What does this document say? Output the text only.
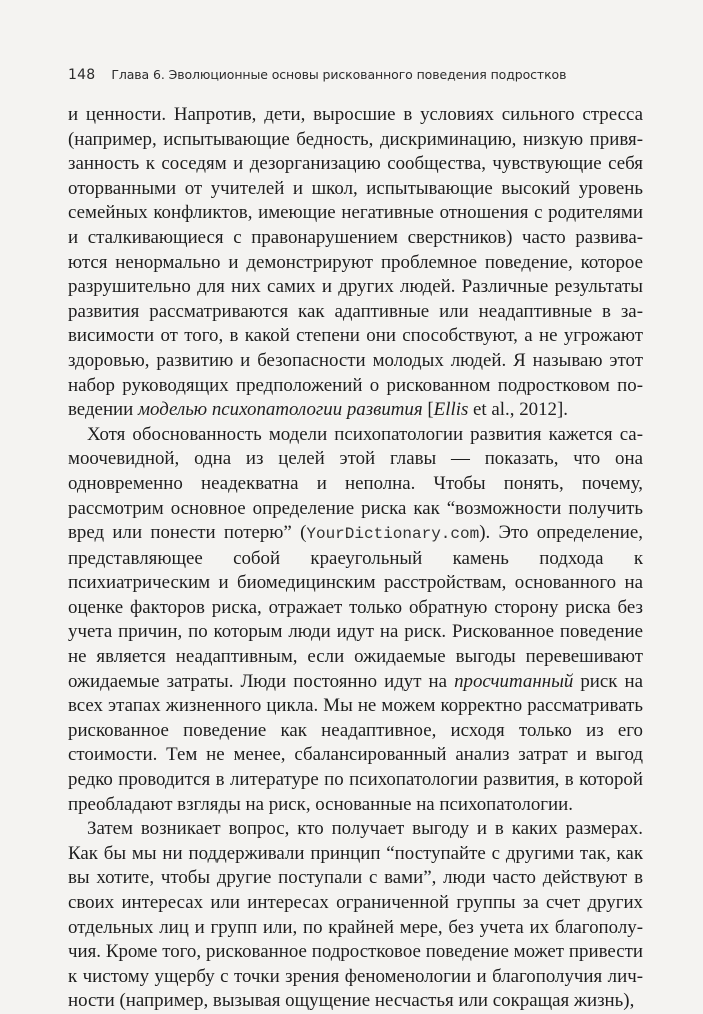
148 Глава 6. Эволюционные основы рискованного поведения подростков

и ценности. Напротив, дети, выросшие в условиях сильного стресса (например, испытывающие бедность, дискриминацию, низкую привязанность к соседям и дезорганизацию сообщества, чувствующие себя оторванными от учителей и школ, испытывающие высокий уровень семейных конфликтов, имеющие негативные отношения с родителями и сталкивающиеся с правонарушением сверстников) часто развиваются ненормально и демонстрируют проблемное поведение, которое разрушительно для них самих и других людей. Различные результаты развития рассматриваются как адаптивные или неадаптивные в зависимости от того, в какой степени они способствуют, а не угрожают здоровью, развитию и безопасности молодых людей. Я называю этот набор руководящих предположений о рискованном подростковом поведении моделью психопатологии развития [Ellis et al., 2012].

Хотя обоснованность модели психопатологии развития кажется самоочевидной, одна из целей этой главы — показать, что она одновременно неадекватна и неполна. Чтобы понять, почему, рассмотрим основное определение риска как “возможности получить вред или понести потерю” (YourDictionary.com). Это определение, представляющее собой краеугольный камень подхода к психиатрическим и биомедицинским расстройствам, основанного на оценке факторов риска, отражает только обратную сторону риска без учета причин, по которым люди идут на риск. Рискованное поведение не является неадаптивным, если ожидаемые выгоды перевешивают ожидаемые затраты. Люди постоянно идут на просчитанный риск на всех этапах жизненного цикла. Мы не можем корректно рассматривать рискованное поведение как неадаптивное, исходя только из его стоимости. Тем не менее, сбалансированный анализ затрат и выгод редко проводится в литературе по психопатологии развития, в которой преобладают взгляды на риск, основанные на психопатологии.

Затем возникает вопрос, кто получает выгоду и в каких размерах. Как бы мы ни поддерживали принцип “поступайте с другими так, как вы хотите, чтобы другие поступали с вами”, люди часто действуют в своих интересах или интересах ограниченной группы за счет других отдельных лиц и групп или, по крайней мере, без учета их благополучия. Кроме того, рискованное подростковое поведение может привести к чистому ущербу с точки зрения феноменологии и благополучия личности (например, вызывая ощущение несчастья или сокращая жизнь),
